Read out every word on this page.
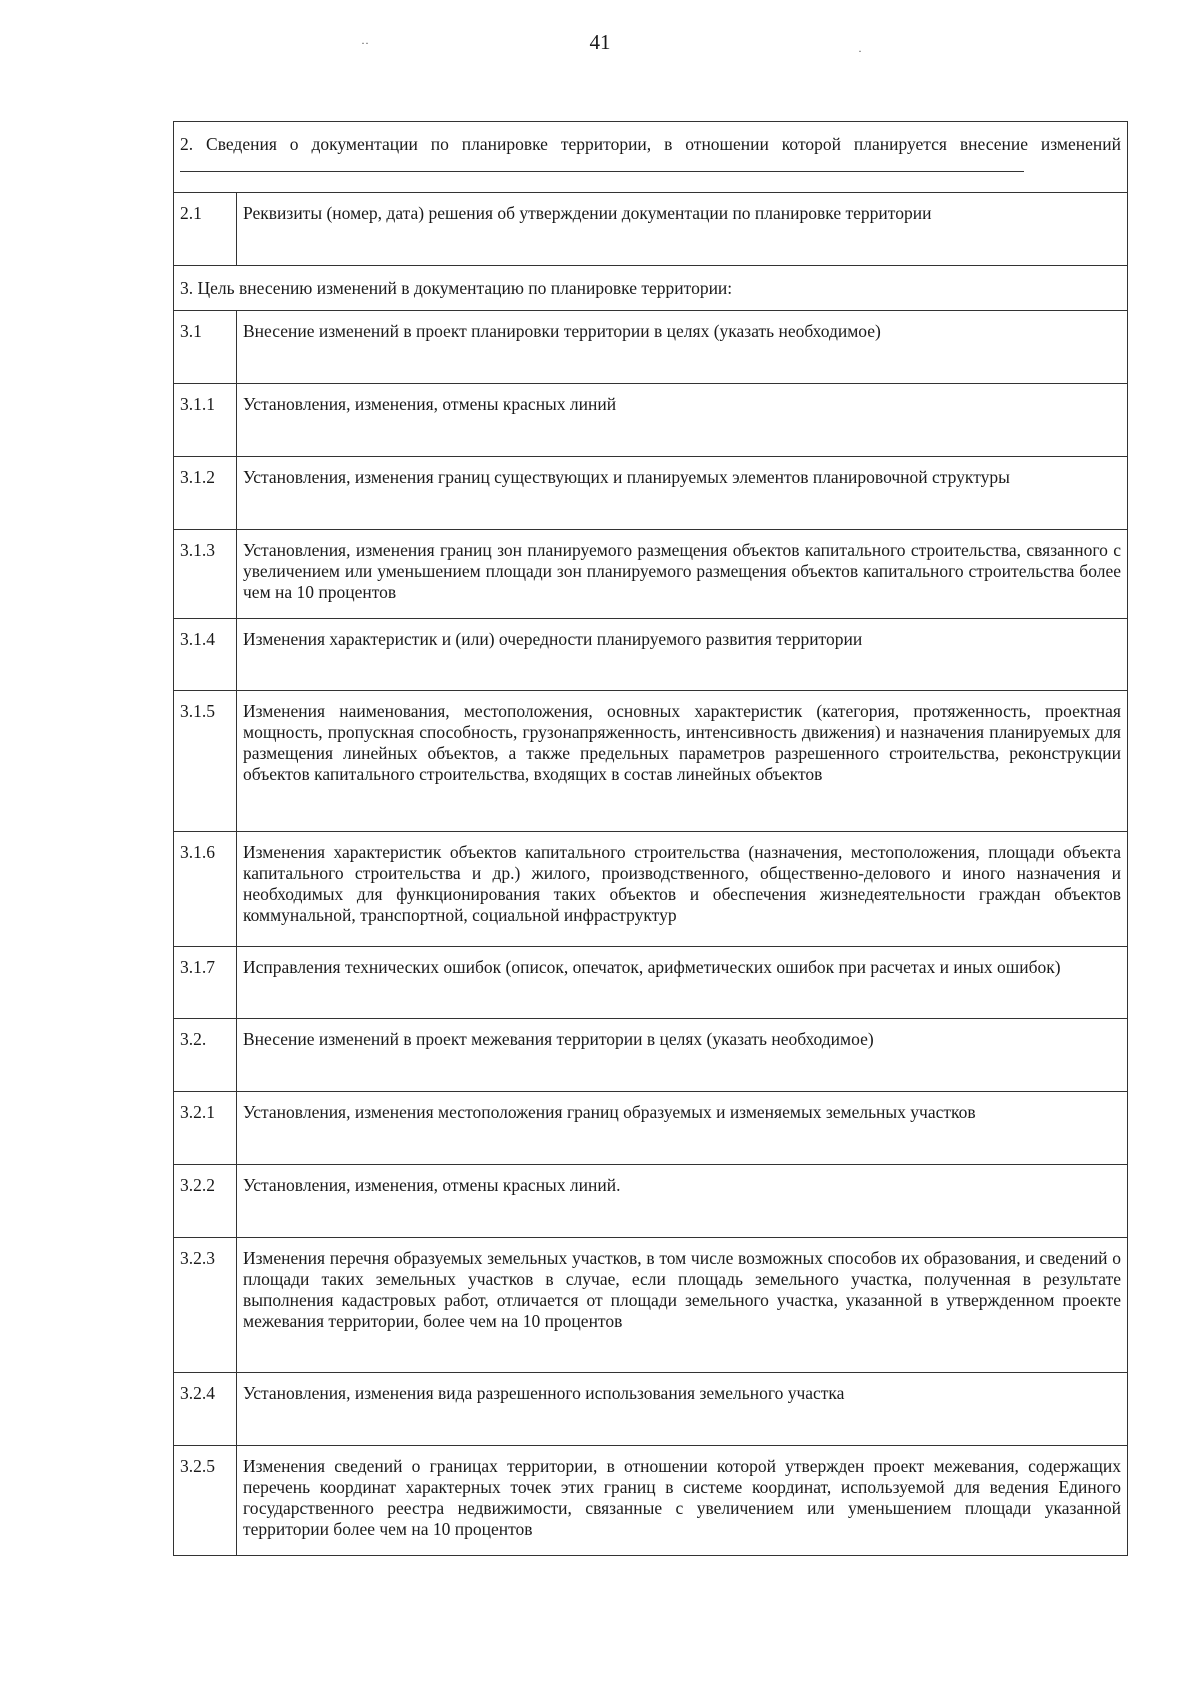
41
··
·
2. Сведения о документации по планировке территории, в отношении которой планируется внесение изменений	
2.1	Реквизиты (номер, дата) решения об утверждении документации по планировке территории
3. Цель внесению изменений в документацию по планировке территории:	
3.1	Внесение изменений в проект планировки территории в целях (указать необходимое)
3.1.1	Установления, изменения, отмены красных линий
3.1.2	Установления, изменения границ существующих и планируемых элементов планировочной структуры
3.1.3	Установления, изменения границ зон планируемого размещения объектов капитального строительства, связанного с увеличением или уменьшением площади зон планируемого размещения объектов капитального строительства более чем на 10 процентов
3.1.4	Изменения характеристик и (или) очередности планируемого развития территории
3.1.5	Изменения наименования, местоположения, основных характеристик (категория, протяженность, проектная мощность, пропускная способность, грузонапряженность, интенсивность движения) и назначения планируемых для размещения линейных объектов, а также предельных параметров разрешенного строительства, реконструкции объектов капитального строительства, входящих в состав линейных объектов
3.1.6	Изменения характеристик объектов капитального строительства (назначения, местоположения, площади объекта капитального строительства и др.) жилого, производственного, общественно-делового и иного назначения и необходимых для функционирования таких объектов и обеспечения жизнедеятельности граждан объектов коммунальной, транспортной, социальной инфраструктур
3.1.7	Исправления технических ошибок (описок, опечаток, арифметических ошибок при расчетах и иных ошибок)
3.2.	Внесение изменений в проект межевания территории в целях (указать необходимое)
3.2.1	Установления, изменения местоположения границ образуемых и изменяемых земельных участков
3.2.2	Установления, изменения, отмены красных линий.
3.2.3	Изменения перечня образуемых земельных участков, в том числе возможных способов их образования, и сведений о площади таких земельных участков в случае, если площадь земельного участка, полученная в результате выполнения кадастровых работ, отличается от площади земельного участка, указанной в утвержденном проекте межевания территории, более чем на 10 процентов
3.2.4	Установления, изменения вида разрешенного использования земельного участка
3.2.5	Изменения сведений о границах территории, в отношении которой утвержден проект межевания, содержащих перечень координат характерных точек этих границ в системе координат, используемой для ведения Единого государственного реестра недвижимости, связанные с увеличением или уменьшением площади указанной территории более чем на 10 процентов
